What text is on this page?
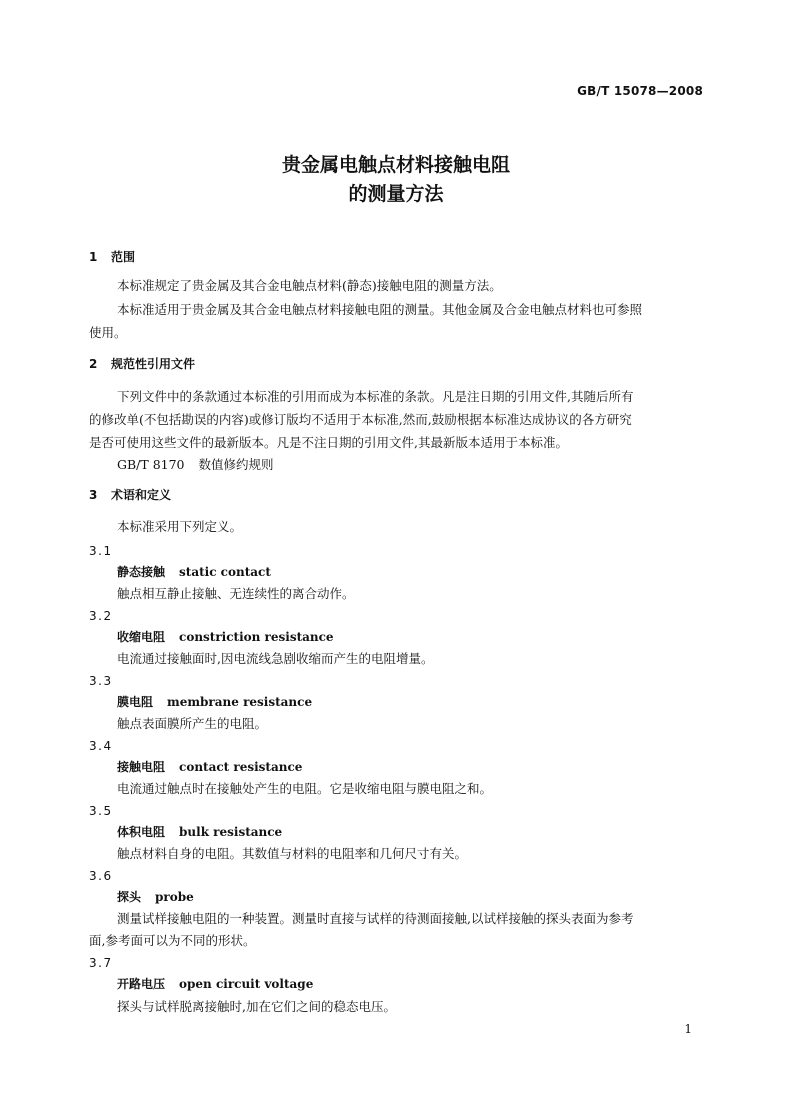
GB/T 15078—2008
贵金属电触点材料接触电阻
的测量方法
1 范围
本标准规定了贵金属及其合金电触点材料(静态)接触电阻的测量方法。
本标准适用于贵金属及其合金电触点材料接触电阻的测量。其他金属及合金电触点材料也可参照
使用。
2 规范性引用文件
下列文件中的条款通过本标准的引用而成为本标准的条款。凡是注日期的引用文件,其随后所有
的修改单(不包括勘误的内容)或修订版均不适用于本标准,然而,鼓励根据本标准达成协议的各方研究
是否可使用这些文件的最新版本。凡是不注日期的引用文件,其最新版本适用于本标准。
GB/T 8170 数值修约规则
3 术语和定义
本标准采用下列定义。
3.1
静态接触 static contact
触点相互静止接触、无连续性的离合动作。
3.2
收缩电阻 constriction resistance
电流通过接触面时,因电流线急剧收缩而产生的电阻增量。
3.3
膜电阻 membrane resistance
触点表面膜所产生的电阻。
3.4
接触电阻 contact resistance
电流通过触点时在接触处产生的电阻。它是收缩电阻与膜电阻之和。
3.5
体积电阻 bulk resistance
触点材料自身的电阻。其数值与材料的电阻率和几何尺寸有关。
3.6
探头 probe
测量试样接触电阻的一种装置。测量时直接与试样的待测面接触,以试样接触的探头表面为参考
面,参考面可以为不同的形状。
3.7
开路电压 open circuit voltage
探头与试样脱离接触时,加在它们之间的稳态电压。
1
